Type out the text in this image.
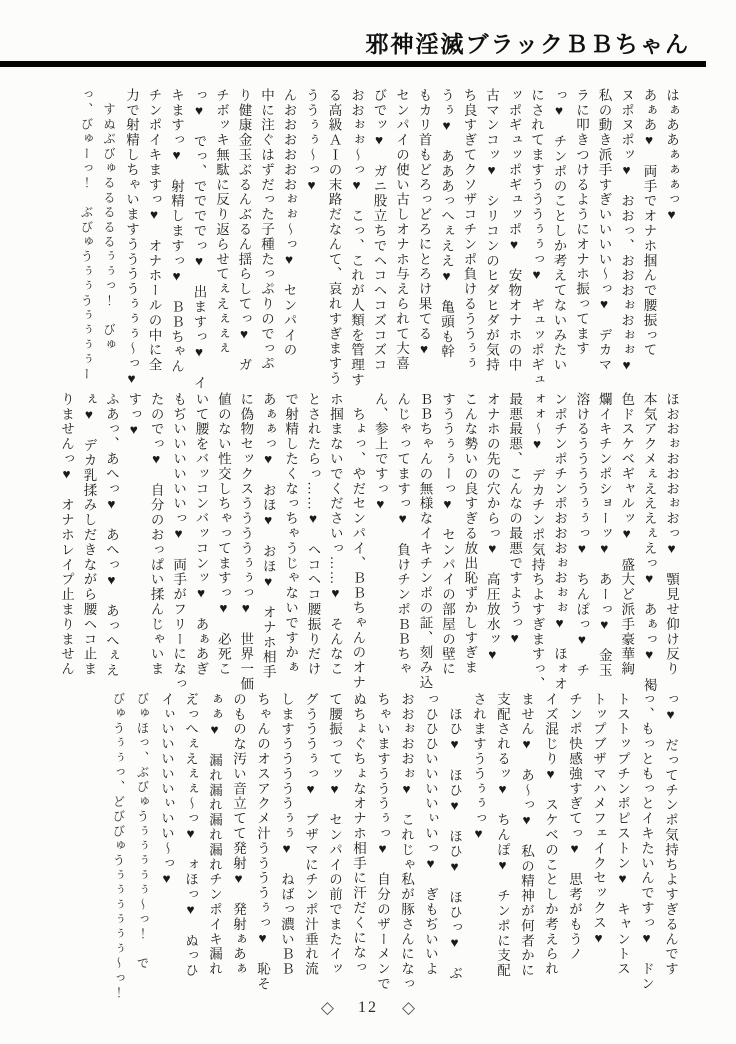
邪神淫滅ブラックＢＢちゃん
はぁああぁぁぁっ♥
あぁあ♥　両手でオナホ掴んで腰振って
ヌポヌポッ♥　おおっ、おおおぉおぉぉ♥
私の動き派手すぎいいいい～っ♥　デカマ
ラに叩きつけるようにオナホ振ってます
っ♥　チンポのことしか考えてないみたい
にされてますうううぅぅっ♥　ギュッポギュ
ッポギュッポギュッポ♥　安物オナホの中
古マンコッ♥　シリコンのヒダヒダが気持
ち良すぎてクソザコチンポ負けるううぅぅ
うぅ♥　あああっへぇええ♥　亀頭も幹
もカリ首もどろっどろにとろけ果てる♥
センパイの使い古しオナホ与えられて大喜
びでッ♥　ガニ股立ちでヘコヘコズコズコ
おおぉぉ～っ♥　こっ、これが人類を管理す
る高級ＡＩの末路だなんて、哀れすぎますう
ううぅぅ～っ♥
んおおおおおおぉぉ～っ♥　センパイの
中に注ぐはずだった子種たっぷりのでっぷ
り健康金玉ぶるんぶるん揺らしてっ♥　ガ
チボッキ無駄に反り返らせてぇえぇぇぇ
っ♥　でっ、ででででっ♥　出ますっ♥　イ
キますっ♥　射精しますっ♥　ＢＢちゃん
チンポイキますっ♥　オナホールの中に全
力で射精しちゃいますううううぅぅぅ～っ♥
　すぬぶびゅるるるるるぅぅっ！　びゅ
っ、びゅーっ！　ぶびゅうぅぅうぅぅぅぅー
ほおおぉおおおぉおっ♥　顎見せ仰け反り
本気アクメぇえええぇえっ♥　あぁっ♥　褐
色ドスケベギャルッ♥　盛大ど派手豪華絢
爛イキチンポショーッ♥　あーっ♥　金玉
溶けるううううぅぅっ♥　ちんぽっ♥　チ
ンポチンポチンポおおおぉおぉぉ♥　ほォオ
ォォ～♥　デカチンポ気持ちよすぎますっ、
最悪最悪、こんなの最悪ですようっ♥
オナホの先の穴からっ♥　高圧放水ッ♥
こんな勢いの良すぎる放出恥ずかしすぎま
すううぅぅーっ♥　センパイの部屋の壁に
ＢＢちゃんの無様なイキチンポの証、刻み込
んじゃってますっ♥　負けチンポＢＢちゃ
ん、参上ですっ♥
　ちょっ、やだセンパイ、ＢＢちゃんのオナ
ホ掴まないでくださいっ……♥　そんなこ
とされたらっ……♥　ヘコヘコ腰振りだけ
で射精したくなっちゃうじゃないですかぁ
あぁぁっ♥　おほ♥　おほ♥　オナホ相手
に偽物セックスううううぅぅっ♥　世界一価
値のない性交しちゃってますっ♥　必死こ
いて腰をバッコンバッコンッ♥　あぁあぎ
もぢいいいいいいっ♥　両手がフリーになっ
たのでっ♥　自分のおっぱい揉んじゃいま
すっ♥
ふあっ、あへっ♥　あへっ♥　あっへぇえ
ぇ♥　デカ乳揉みしだきながら腰ヘコ止ま
りませんっ♥　オナホレイプ止まりません
っ♥　だってチンポ気持ちよすぎるんです
っ、もっともっとイキたいんですっ♥　ドン
トストップチンポピストン♥　キャントス
トップブザマハメフェイクセックス♥
チンポ快感強すぎてっ♥　思考がもうノ
イズ混じり♥　スケベのことしか考えられ
ません♥　あ～っ♥　私の精神が何者かに
支配されるッ♥　ちんぽ♥　チンポに支配
されますううぅぅっ♥
　ほひ♥　ほひ♥　ほひ♥　ほひっ♥　ぶ
っひひひいいいいぃいっ♥　ぎもぢいいよ
おおぉおおぉ♥　これじゃ私が豚さんになっ
ちゃいますうううぅっ♥　自分のザーメンで
ぬちょぐちょなオナホ相手に汗だくになっ
て腰振ってッ♥　センパイの前でまたイッ
グうううぅっ♥　ブザマにチンポ汁垂れ流
しますうううううぅぅ♥　ねばっ濃いＢＢ
ちゃんのオスアクメ汁ううううぅっ♥　恥そ
のものな汚い音立てて発射♥　発射ぁあぁ
ぁぁ♥　漏れ漏れ漏れ漏れチンポイキ漏れ
え゙っへぇえぇぇ～っ♥　ォほっ♥　ぬっひ
イぃいいいいいぃいい～っ♥
びゅほっ、ぶびゅうぅぅぅぅぅ～っ！　で
びゅうぅぅっ、どびびゅうぅぅぅぅぅぅ～っ！
◇ 12 ◇
